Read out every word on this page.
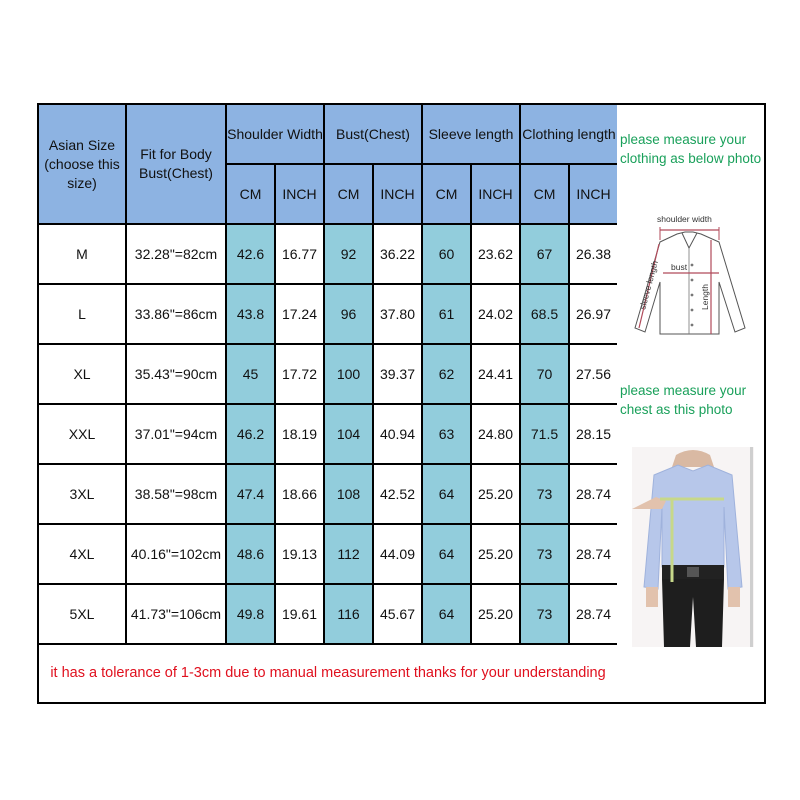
Asian Size (choose this size)
Fit for Body Bust(Chest)
Shoulder Width
CM	INCH
Bust(Chest)
CM	INCH
Sleeve length
CM	INCH
Clothing length
CM	INCH
M	32.28"=82cm	42.6	16.77	92	36.22	60	23.62	67	26.38
L	33.86"=86cm	43.8	17.24	96	37.80	61	24.02	68.5	26.97
XL	35.43"=90cm	45	17.72	100	39.37	62	24.41	70	27.56
XXL	37.01"=94cm	46.2	18.19	104	40.94	63	24.80	71.5	28.15
3XL	38.58"=98cm	47.4	18.66	108	42.52	64	25.20	73	28.74
4XL	40.16"=102cm	48.6	19.13	112	44.09	64	25.20	73	28.74
5XL	41.73"=106cm	49.8	19.61	116	45.67	64	25.20	73	28.74
it has a tolerance of 1-3cm due to manual measurement thanks for your understanding
please measure your clothing as below photo
shoulder width
bust
Length
sleeve length
please measure your chest as this photo
